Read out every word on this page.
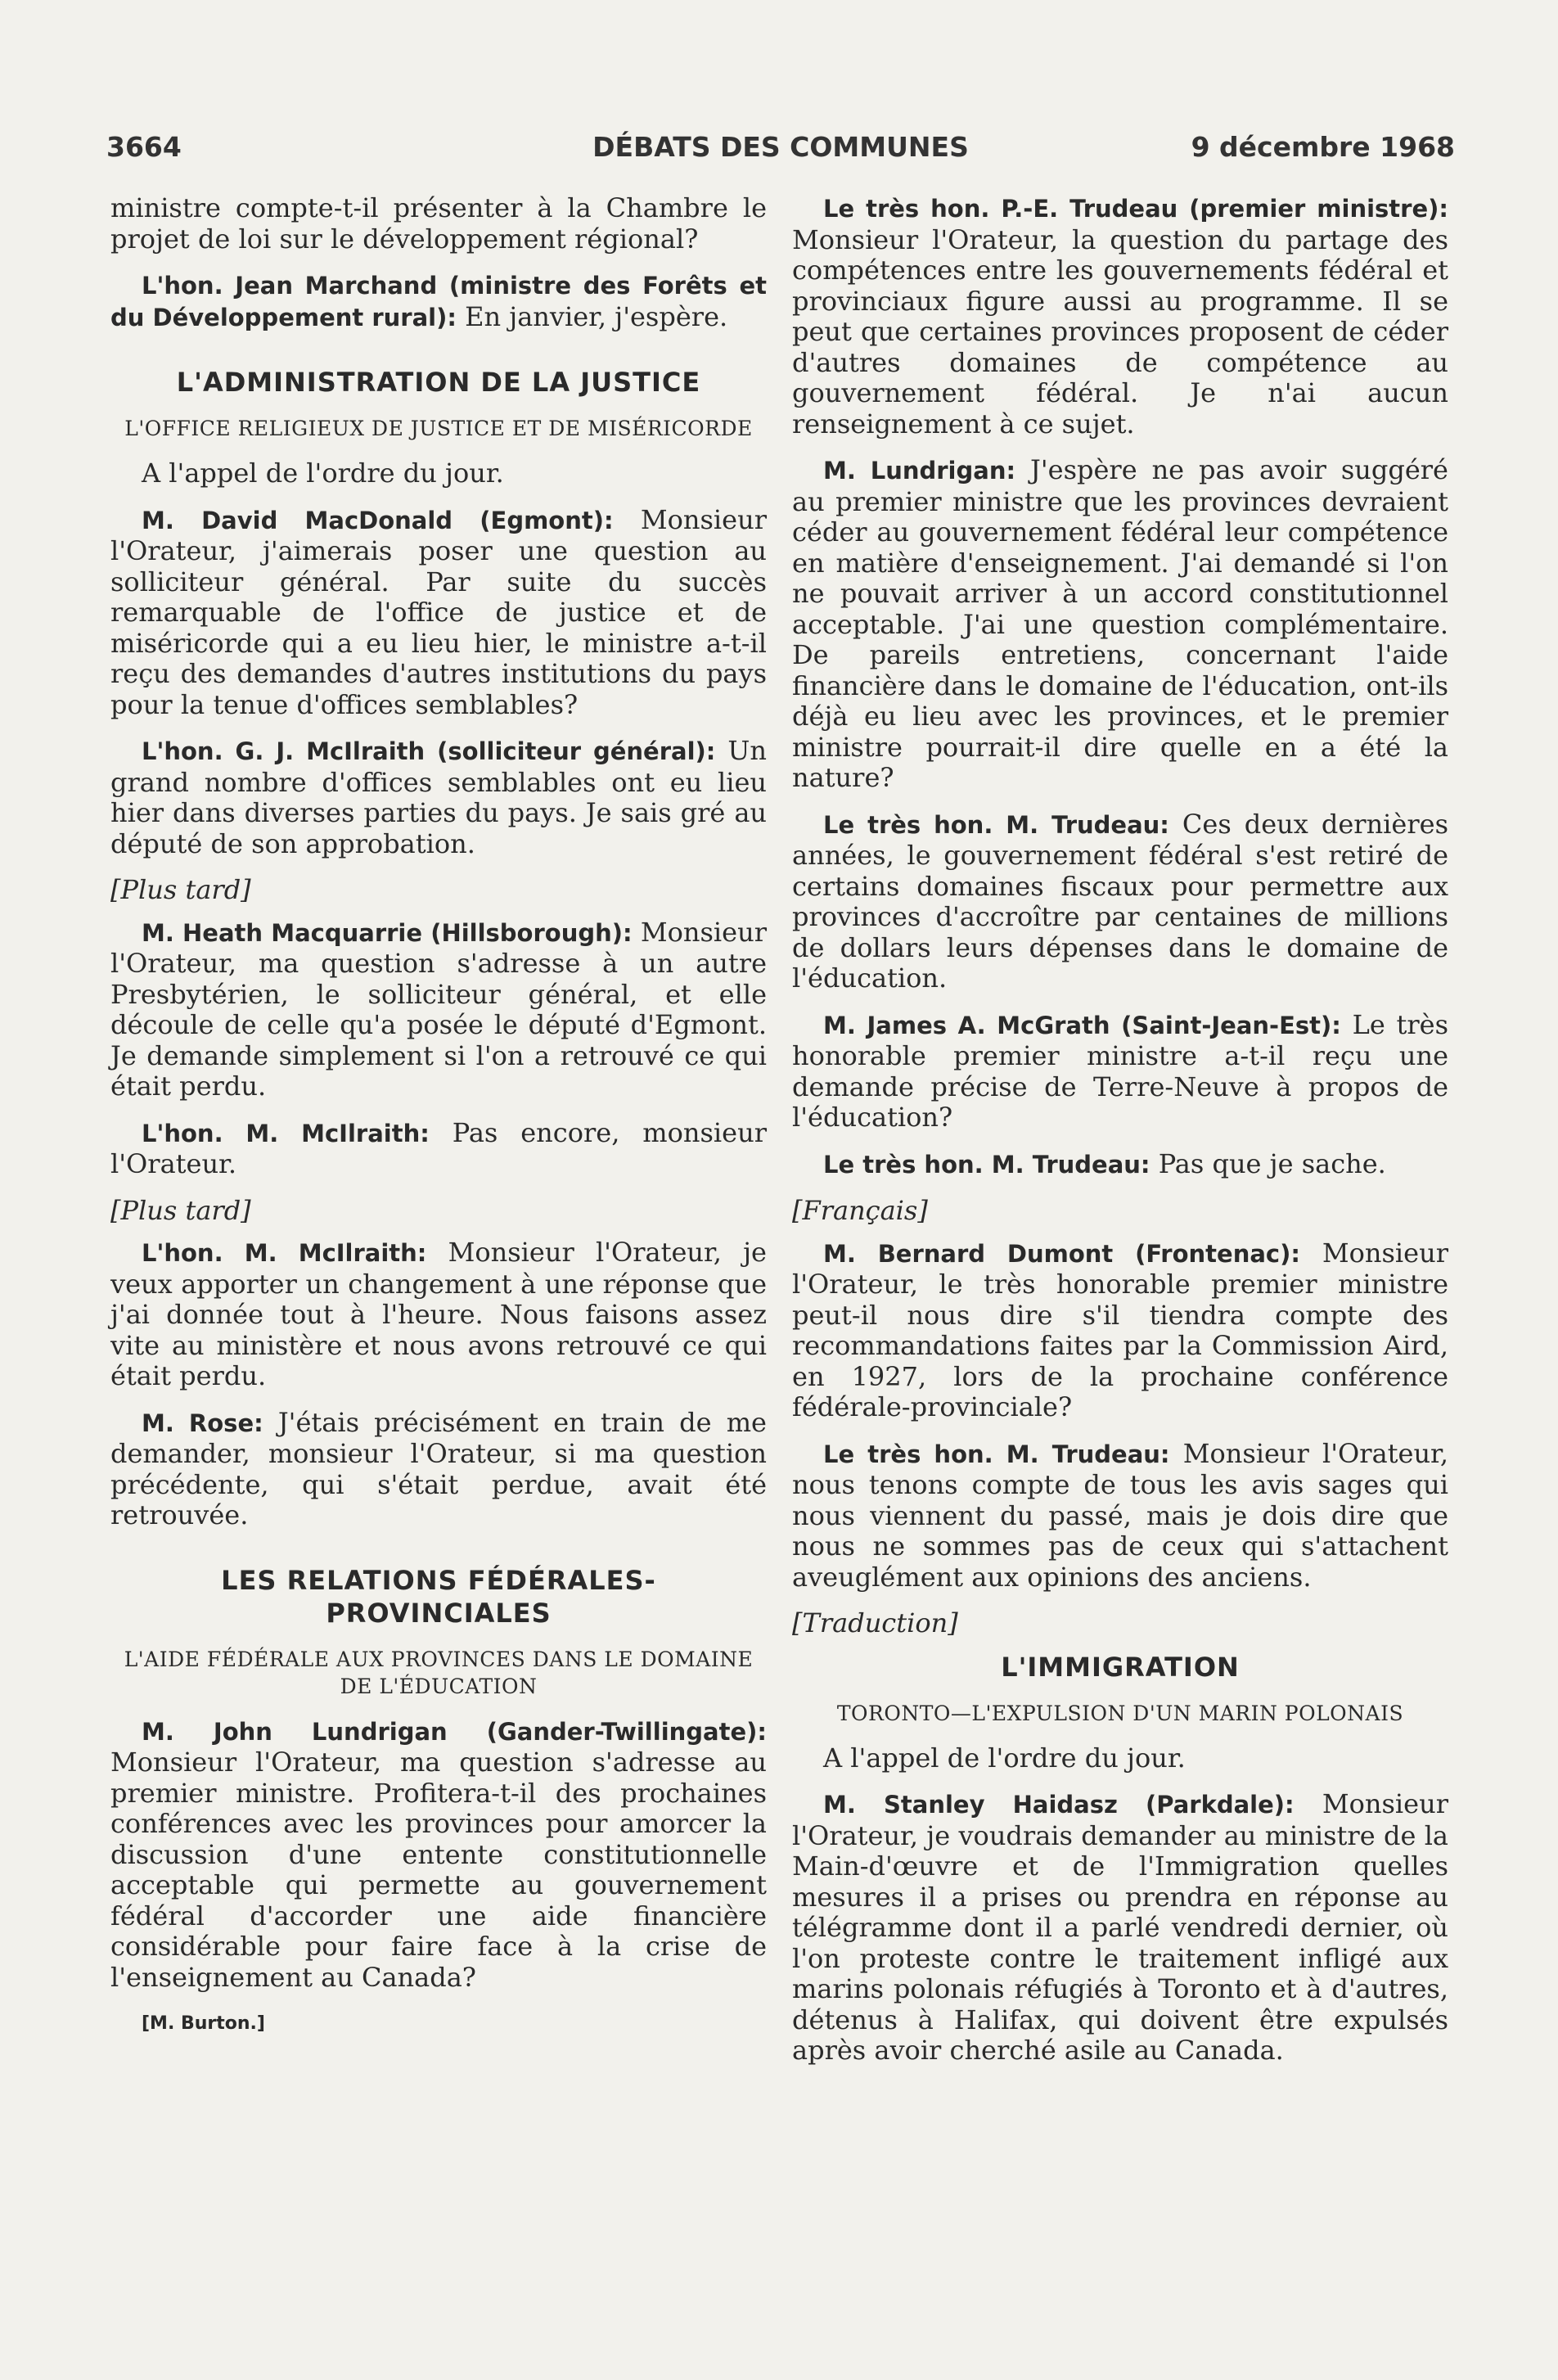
3664	DÉBATS DES COMMUNES	9 décembre 1968

ministre compte-t-il présenter à la Chambre le projet de loi sur le développement régional?

L'hon. Jean Marchand (ministre des Forêts et du Développement rural): En janvier, j'espère.

L'ADMINISTRATION DE LA JUSTICE
L'OFFICE RELIGIEUX DE JUSTICE ET DE MISÉRICORDE

A l'appel de l'ordre du jour.

M. David MacDonald (Egmont): Monsieur l'Orateur, j'aimerais poser une question au solliciteur général. Par suite du succès remarquable de l'office de justice et de miséricorde qui a eu lieu hier, le ministre a-t-il reçu des demandes d'autres institutions du pays pour la tenue d'offices semblables?

L'hon. G. J. McIlraith (solliciteur général): Un grand nombre d'offices semblables ont eu lieu hier dans diverses parties du pays. Je sais gré au député de son approbation.

[Plus tard]

M. Heath Macquarrie (Hillsborough): Monsieur l'Orateur, ma question s'adresse à un autre Presbytérien, le solliciteur général, et elle découle de celle qu'a posée le député d'Egmont. Je demande simplement si l'on a retrouvé ce qui était perdu.

L'hon. M. McIlraith: Pas encore, monsieur l'Orateur.

[Plus tard]

L'hon. M. McIlraith: Monsieur l'Orateur, je veux apporter un changement à une réponse que j'ai donnée tout à l'heure. Nous faisons assez vite au ministère et nous avons retrouvé ce qui était perdu.

M. Rose: J'étais précisément en train de me demander, monsieur l'Orateur, si ma question précédente, qui s'était perdue, avait été retrouvée.

LES RELATIONS FÉDÉRALES-PROVINCIALES
L'AIDE FÉDÉRALE AUX PROVINCES DANS LE DOMAINE DE L'ÉDUCATION

M. John Lundrigan (Gander-Twillingate): Monsieur l'Orateur, ma question s'adresse au premier ministre. Profitera-t-il des prochaines conférences avec les provinces pour amorcer la discussion d'une entente constitutionnelle acceptable qui permette au gouvernement fédéral d'accorder une aide financière considérable pour faire face à la crise de l'enseignement au Canada?

[M. Burton.]

Le très hon. P.-E. Trudeau (premier ministre): Monsieur l'Orateur, la question du partage des compétences entre les gouvernements fédéral et provinciaux figure aussi au programme. Il se peut que certaines provinces proposent de céder d'autres domaines de compétence au gouvernement fédéral. Je n'ai aucun renseignement à ce sujet.

M. Lundrigan: J'espère ne pas avoir suggéré au premier ministre que les provinces devraient céder au gouvernement fédéral leur compétence en matière d'enseignement. J'ai demandé si l'on ne pouvait arriver à un accord constitutionnel acceptable. J'ai une question complémentaire. De pareils entretiens, concernant l'aide financière dans le domaine de l'éducation, ont-ils déjà eu lieu avec les provinces, et le premier ministre pourrait-il dire quelle en a été la nature?

Le très hon. M. Trudeau: Ces deux dernières années, le gouvernement fédéral s'est retiré de certains domaines fiscaux pour permettre aux provinces d'accroître par centaines de millions de dollars leurs dépenses dans le domaine de l'éducation.

M. James A. McGrath (Saint-Jean-Est): Le très honorable premier ministre a-t-il reçu une demande précise de Terre-Neuve à propos de l'éducation?

Le très hon. M. Trudeau: Pas que je sache.

[Français]

M. Bernard Dumont (Frontenac): Monsieur l'Orateur, le très honorable premier ministre peut-il nous dire s'il tiendra compte des recommandations faites par la Commission Aird, en 1927, lors de la prochaine conférence fédérale-provinciale?

Le très hon. M. Trudeau: Monsieur l'Orateur, nous tenons compte de tous les avis sages qui nous viennent du passé, mais je dois dire que nous ne sommes pas de ceux qui s'attachent aveuglément aux opinions des anciens.

[Traduction]

L'IMMIGRATION
TORONTO—L'EXPULSION D'UN MARIN POLONAIS

A l'appel de l'ordre du jour.

M. Stanley Haidasz (Parkdale): Monsieur l'Orateur, je voudrais demander au ministre de la Main-d'œuvre et de l'Immigration quelles mesures il a prises ou prendra en réponse au télégramme dont il a parlé vendredi dernier, où l'on proteste contre le traitement infligé aux marins polonais réfugiés à Toronto et à d'autres, détenus à Halifax, qui doivent être expulsés après avoir cherché asile au Canada.
